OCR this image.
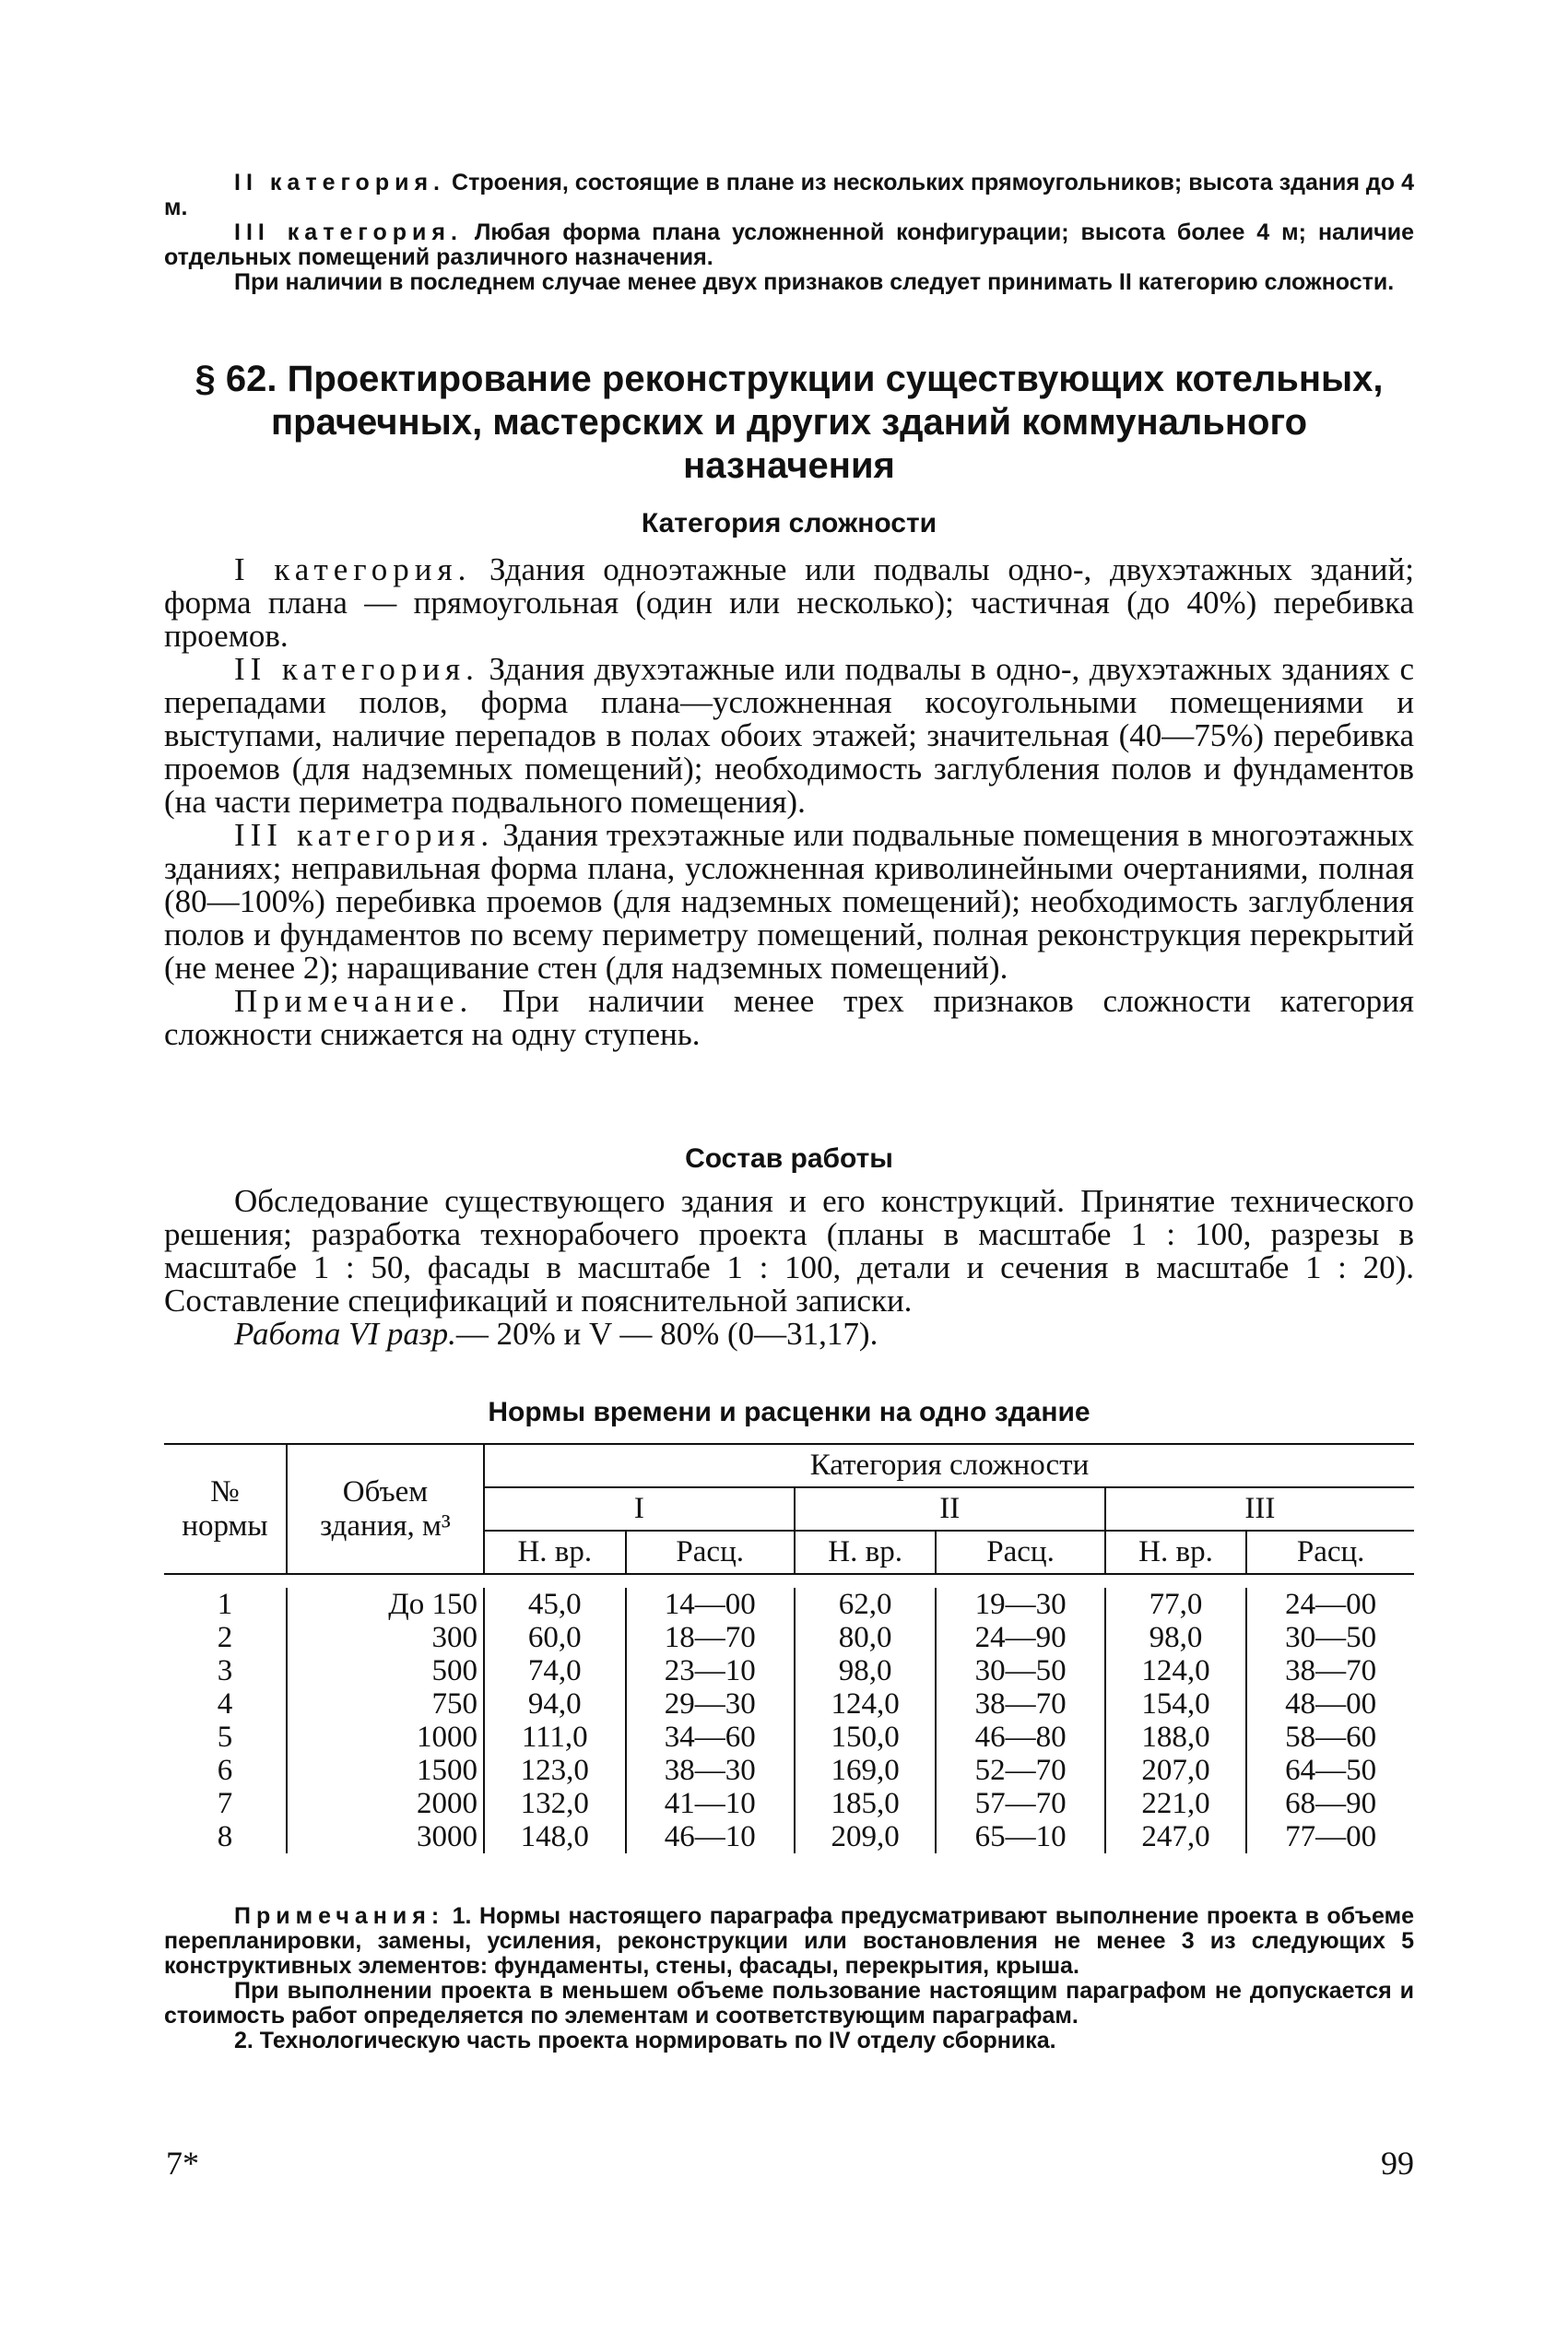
II категория. Строения, состоящие в плане из нескольких прямоугольников; высота здания до 4 м.

III категория. Любая форма плана усложненной конфигурации; высота более 4 м; наличие отдельных помещений различного назначения.

При наличии в последнем случае менее двух признаков следует принимать II категорию сложности.

§ 62. Проектирование реконструкции существующих котельных, прачечных, мастерских и других зданий коммунального назначения

Категория сложности

I категория. Здания одноэтажные или подвалы одно-, двухэтажных зданий; форма плана — прямоугольная (один или несколько); частичная (до 40%) перебивка проемов.

II категория. Здания двухэтажные или подвалы в одно-, двухэтажных зданиях с перепадами полов, форма плана—усложненная косоугольными помещениями и выступами, наличие перепадов в полах обоих этажей; значительная (40—75%) перебивка проемов (для надземных помещений); необходимость заглубления полов и фундаментов (на части периметра подвального помещения).

III категория. Здания трехэтажные или подвальные помещения в многоэтажных зданиях; неправильная форма плана, усложненная криволинейными очертаниями, полная (80—100%) перебивка проемов (для надземных помещений); необходимость заглубления полов и фундаментов по всему периметру помещений, полная реконструкция перекрытий (не менее 2); наращивание стен (для надземных помещений).

Примечание. При наличии менее трех признаков сложности категория сложности снижается на одну ступень.

Состав работы

Обследование существующего здания и его конструкций. Принятие технического решения; разработка технорабочего проекта (планы в масштабе 1 : 100, разрезы в масштабе 1 : 50, фасады в масштабе 1 : 100, детали и сечения в масштабе 1 : 20). Составление спецификаций и пояснительной записки.

Работа VI разр.— 20% и V — 80% (0—31,17).

Нормы времени и расценки на одно здание

№ нормы	Объем здания, м³	Категория сложности					
		I		II		III	
		Н. вр.	Расц.	Н. вр.	Расц.	Н. вр.	Расц.

1	До 150	45,0	14—00	62,0	19—30	77,0	24—00
2	300	60,0	18—70	80,0	24—90	98,0	30—50
3	500	74,0	23—10	98,0	30—50	124,0	38—70
4	750	94,0	29—30	124,0	38—70	154,0	48—00
5	1000	111,0	34—60	150,0	46—80	188,0	58—60
6	1500	123,0	38—30	169,0	52—70	207,0	64—50
7	2000	132,0	41—10	185,0	57—70	221,0	68—90
8	3000	148,0	46—10	209,0	65—10	247,0	77—00

Примечания: 1. Нормы настоящего параграфа предусматривают выполнение проекта в объеме перепланировки, замены, усиления, реконструкции или востановления не менее 3 из следующих 5 конструктивных элементов: фундаменты, стены, фасады, перекрытия, крыша.

При выполнении проекта в меньшем объеме пользование настоящим параграфом не допускается и стоимость работ определяется по элементам и соответствующим параграфам.

2. Технологическую часть проекта нормировать по IV отделу сборника.

7*	99
